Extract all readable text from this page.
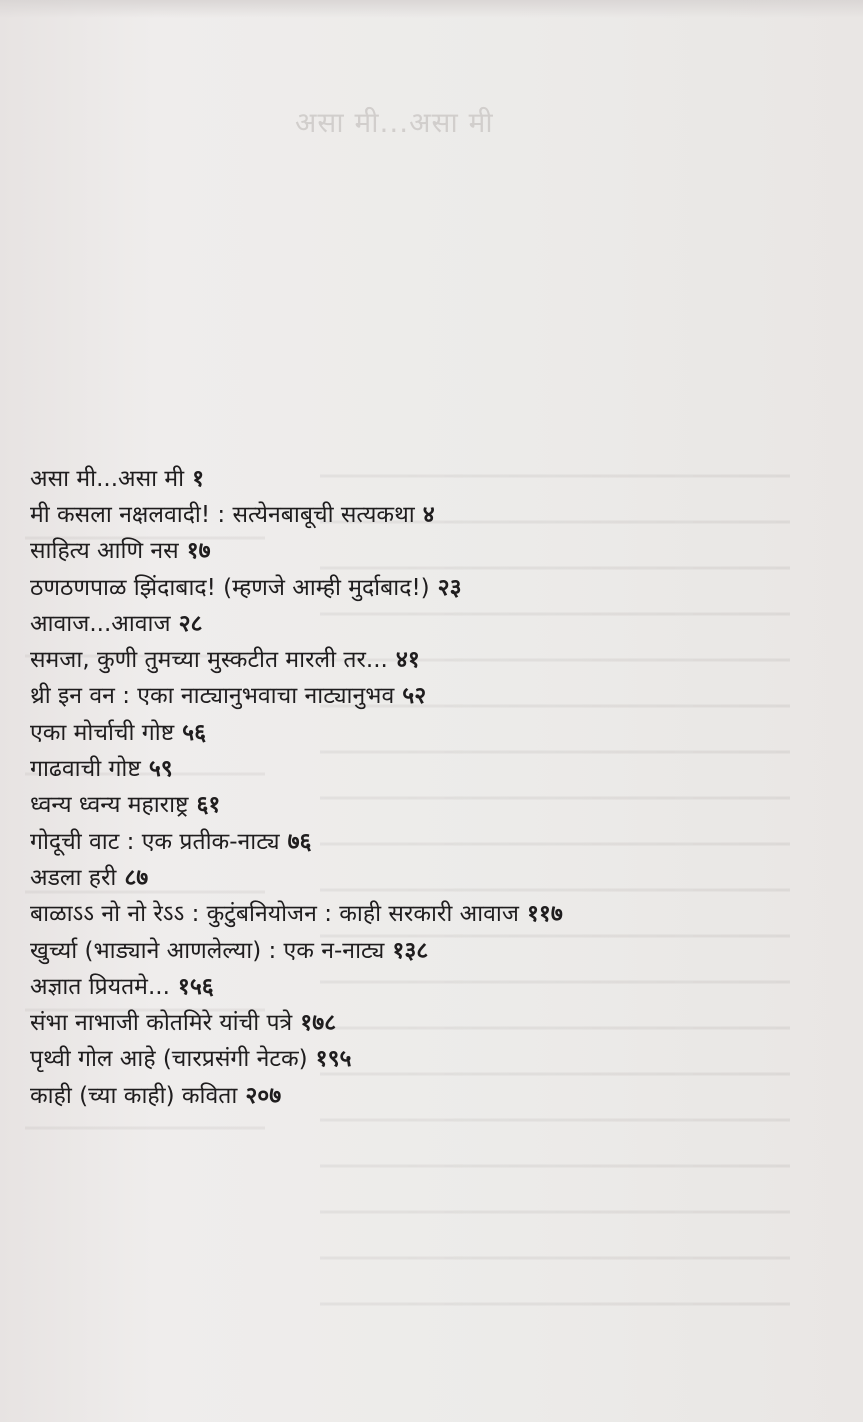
असा मी...असा मी
असा मी...असा मी १
मी कसला नक्षलवादी! : सत्येनबाबूची सत्यकथा ४
साहित्य आणि नस १७
ठणठणपाळ झिंदाबाद! (म्हणजे आम्ही मुर्दाबाद!) २३
आवाज...आवाज २८
समजा, कुणी तुमच्या मुस्कटीत मारली तर... ४१
थ्री इन वन : एका नाट्यानुभवाचा नाट्यानुभव ५२
एका मोर्चाची गोष्ट ५६
गाढवाची गोष्ट ५९
ध्वन्य ध्वन्य महाराष्ट्र ६१
गोदूची वाट : एक प्रतीक-नाट्य ७६
अडला हरी ८७
बाळाऽऽ नो नो रेऽऽ : कुटुंबनियोजन : काही सरकारी आवाज ११७
खुर्च्या (भाड्याने आणलेल्या) : एक न-नाट्य १३८
अज्ञात प्रियतमे... १५६
संभा नाभाजी कोतमिरे यांची पत्रे १७८
पृथ्वी गोल आहे (चारप्रसंगी नेटक) १९५
काही (च्या काही) कविता २०७
